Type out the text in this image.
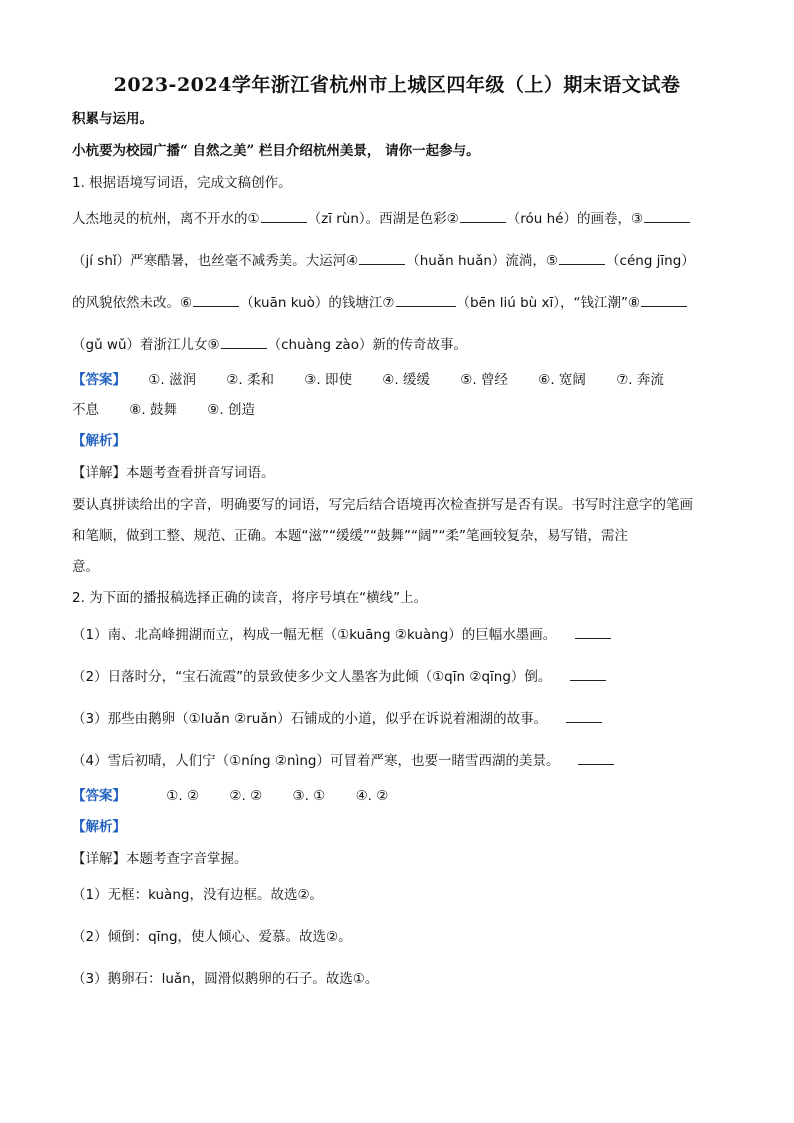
2023-2024学年浙江省杭州市上城区四年级（上）期末语文试卷
积累与运用。
小杭要为校园广播“ 自然之美” 栏目介绍杭州美景， 请你一起参与。
1. 根据语境写词语，完成文稿创作。
人杰地灵的杭州，离不开水的①	（zī rùn）。西湖是色彩②	（róu hé）的画卷，③
（jí shǐ）严寒酷暑，也丝毫不减秀美。大运河④	（huǎn huǎn）流淌，⑤	（céng jīng）
的风貌依然未改。⑥	（kuān kuò）的钱塘江⑦	（bēn liú bù xī），“钱江潮”⑧
（gǔ wǔ）着浙江儿女⑨	（chuàng zào）新的传奇故事。
【答案】 ①. 滋润 ②. 柔和 ③. 即使 ④. 缓缓 ⑤. 曾经 ⑥. 宽阔 ⑦. 奔流
不息 ⑧. 鼓舞 ⑨. 创造
【解析】
【详解】本题考查看拼音写词语。
要认真拼读给出的字音，明确要写的词语，写完后结合语境再次检查拼写是否有误。书写时注意字的笔画
和笔顺，做到工整、规范、正确。本题“滋”“缓缓”“鼓舞”“阔”“柔”笔画较复杂，易写错，需注
意。
2. 为下面的播报稿选择正确的读音，将序号填在“横线”上。
（1）南、北高峰拥湖而立，构成一幅无框（①kuāng ②kuàng）的巨幅水墨画。
（2）日落时分，“宝石流霞”的景致使多少文人墨客为此倾（①qīn ②qīng）倒。
（3）那些由鹅卵（①luǎn ②ruǎn）石铺成的小道，似乎在诉说着湘湖的故事。
（4）雪后初晴，人们宁（①níng ②nìng）可冒着严寒，也要一睹雪西湖的美景。
【答案】	①. ② ②. ② ③. ① ④. ②
【解析】
【详解】本题考查字音掌握。
（1）无框：kuàng，没有边框。故选②。
（2）倾倒：qīng，使人倾心、爱慕。故选②。
（3）鹅卵石：luǎn，圆滑似鹅卵的石子。故选①。
